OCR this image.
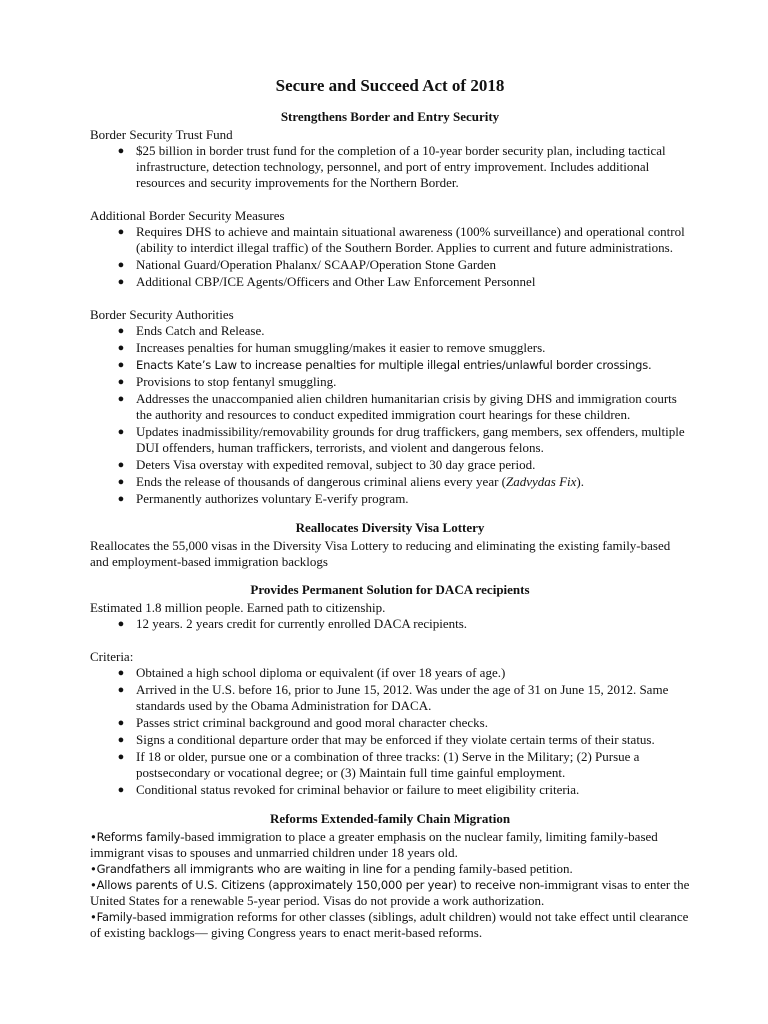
Secure and Succeed Act of 2018
Strengthens Border and Entry Security

Border Security Trust Fund

● $25 billion in border trust fund for the completion of a 10-year border security plan, including tactical infrastructure, detection technology, personnel, and port of entry improvement. Includes additional resources and security improvements for the Northern Border.

Additional Border Security Measures

● Requires DHS to achieve and maintain situational awareness (100% surveillance) and operational control (ability to interdict illegal traffic) of the Southern Border. Applies to current and future administrations.
● National Guard/Operation Phalanx/ SCAAP/Operation Stone Garden
● Additional CBP/ICE Agents/Officers and Other Law Enforcement Personnel

Border Security Authorities

● Ends Catch and Release.
● Increases penalties for human smuggling/makes it easier to remove smugglers.
● Enacts Kate’s Law to increase penalties for multiple illegal entries/unlawful border crossings.
● Provisions to stop fentanyl smuggling.
● Addresses the unaccompanied alien children humanitarian crisis by giving DHS and immigration courts the authority and resources to conduct expedited immigration court hearings for these children.
● Updates inadmissibility/removability grounds for drug traffickers, gang members, sex offenders, multiple DUI offenders, human traffickers, terrorists, and violent and dangerous felons.
● Deters Visa overstay with expedited removal, subject to 30 day grace period.
● Ends the release of thousands of dangerous criminal aliens every year (Zadvydas Fix).
● Permanently authorizes voluntary E-verify program.
Reallocates Diversity Visa Lottery

Reallocates the 55,000 visas in the Diversity Visa Lottery to reducing and eliminating the existing family-based and employment-based immigration backlogs

Provides Permanent Solution for DACA recipients

Estimated 1.8 million people. Earned path to citizenship.

● 12 years. 2 years credit for currently enrolled DACA recipients.

Criteria:

● Obtained a high school diploma or equivalent (if over 18 years of age.)
● Arrived in the U.S. before 16, prior to June 15, 2012. Was under the age of 31 on June 15, 2012. Same standards used by the Obama Administration for DACA.
● Passes strict criminal background and good moral character checks.
● Signs a conditional departure order that may be enforced if they violate certain terms of their status.
● If 18 or older, pursue one or a combination of three tracks: (1) Serve in the Military; (2) Pursue a postsecondary or vocational degree; or (3) Maintain full time gainful employment.
● Conditional status revoked for criminal behavior or failure to meet eligibility criteria.
Reforms Extended-family Chain Migration

•Reforms family-based immigration to place a greater emphasis on the nuclear family, limiting family-based immigrant visas to spouses and unmarried children under 18 years old.

•Grandfathers all immigrants who are waiting in line for a pending family-based petition.

•Allows parents of U.S. Citizens (approximately 150,000 per year) to receive non-immigrant visas to enter the United States for a renewable 5-year period. Visas do not provide a work authorization.

•Family-based immigration reforms for other classes (siblings, adult children) would not take effect until clearance of existing backlogs— giving Congress years to enact merit-based reforms.
